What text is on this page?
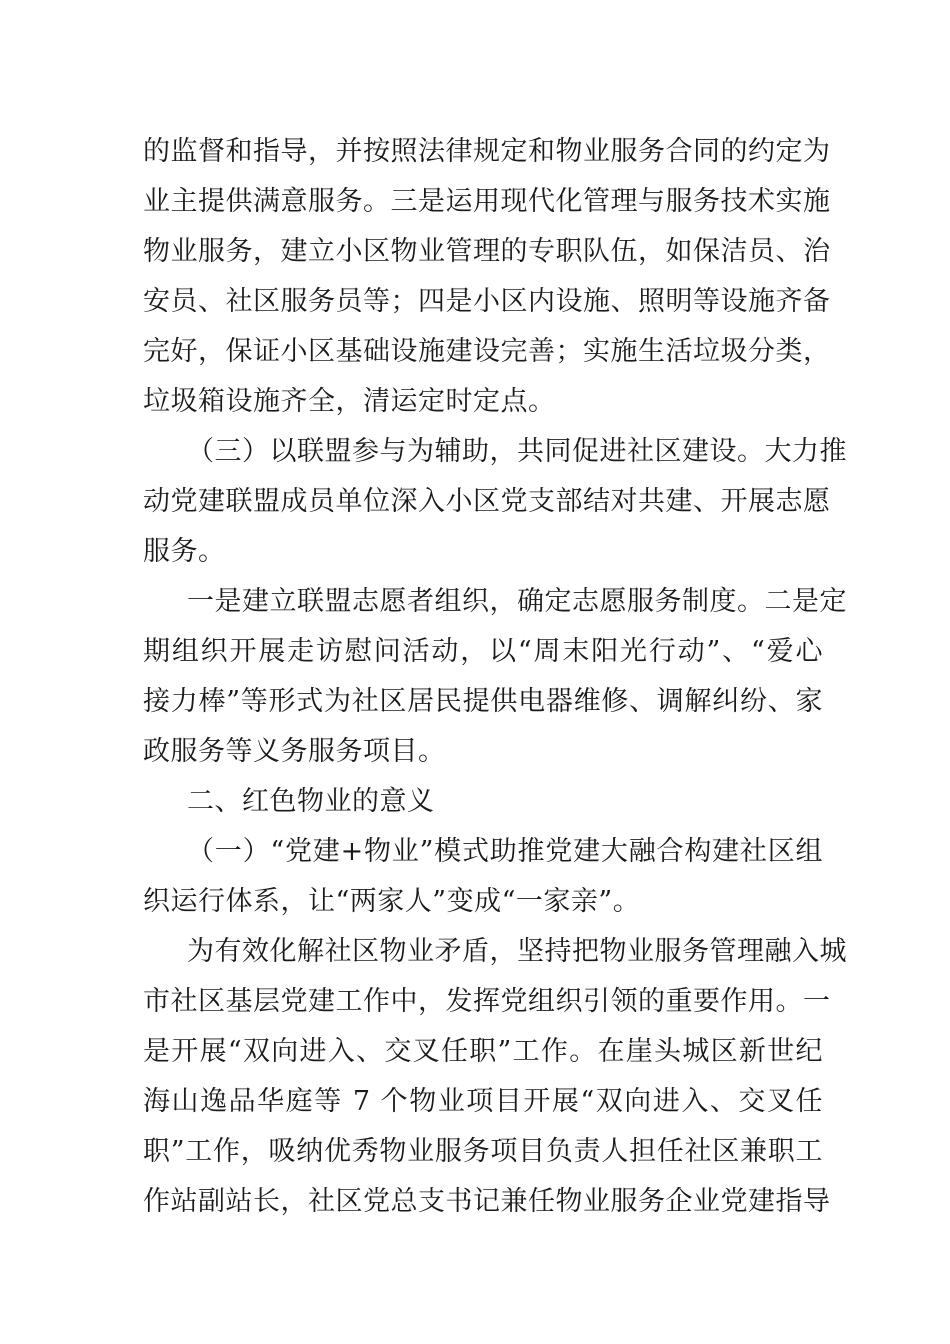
的监督和指导，并按照法律规定和物业服务合同的约定为
业主提供满意服务。三是运用现代化管理与服务技术实施
物业服务，建立小区物业管理的专职队伍，如保洁员、治
安员、社区服务员等；四是小区内设施、照明等设施齐备
完好，保证小区基础设施建设完善；实施生活垃圾分类，
垃圾箱设施齐全，清运定时定点。
（三）以联盟参与为辅助，共同促进社区建设。大力推
动党建联盟成员单位深入小区党支部结对共建、开展志愿
服务。
一是建立联盟志愿者组织，确定志愿服务制度。二是定
期组织开展走访慰问活动，以“周末阳光行动”、“爱心
接力棒”等形式为社区居民提供电器维修、调解纠纷、家
政服务等义务服务项目。
二、红色物业的意义
（一）“党建+物业”模式助推党建大融合构建社区组
织运行体系，让“两家人”变成“一家亲”。
为有效化解社区物业矛盾，坚持把物业服务管理融入城
市社区基层党建工作中，发挥党组织引领的重要作用。一
是开展“双向进入、交叉任职”工作。在崖头城区新世纪
海山逸品华庭等 7 个物业项目开展“双向进入、交叉任
职”工作，吸纳优秀物业服务项目负责人担任社区兼职工
作站副站长，社区党总支书记兼任物业服务企业党建指导
